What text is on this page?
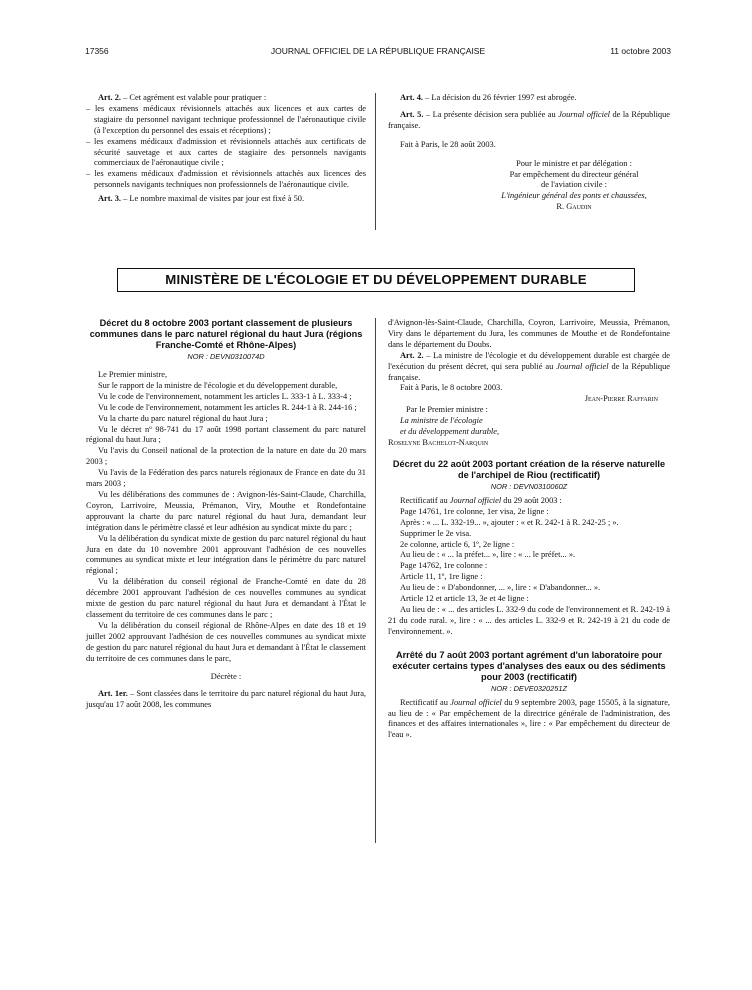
17356	JOURNAL OFFICIEL DE LA RÉPUBLIQUE FRANÇAISE	11 octobre 2003

Art. 2. – Cet agrément est valable pour pratiquer :

– les examens médicaux révisionnels attachés aux licences et aux cartes de stagiaire du personnel navigant technique professionnel de l'aéronautique civile (à l'exception du personnel des essais et réceptions) ;

– les examens médicaux d'admission et révisionnels attachés aux certificats de sécurité sauvetage et aux cartes de stagiaire des personnels navigants commerciaux de l'aéronautique civile ;

– les examens médicaux d'admission et révisionnels attachés aux licences des personnels navigants techniques non professionnels de l'aéronautique civile.

Art. 3. – Le nombre maximal de visites par jour est fixé à 50.

Art. 4. – La décision du 26 février 1997 est abrogée.

Art. 5. – La présente décision sera publiée au Journal officiel de la République française.

Fait à Paris, le 28 août 2003.

Pour le ministre et par délégation :
Par empêchement du directeur général
de l'aviation civile :
L'ingénieur général des ponts et chaussées,
R. Gaudin
MINISTÈRE DE L'ÉCOLOGIE ET DU DÉVELOPPEMENT DURABLE
Décret du 8 octobre 2003 portant classement de plusieurs communes dans le parc naturel régional du haut Jura (régions Franche-Comté et Rhône-Alpes)
NOR : DEVN0310074D

Le Premier ministre,

Sur le rapport de la ministre de l'écologie et du développement durable,

Vu le code de l'environnement, notamment les articles L. 333-1 à L. 333-4 ;

Vu le code de l'environnement, notamment les articles R. 244-1 à R. 244-16 ;

Vu la charte du parc naturel régional du haut Jura ;

Vu le décret nº 98-741 du 17 août 1998 portant classement du parc naturel régional du haut Jura ;

Vu l'avis du Conseil national de la protection de la nature en date du 20 mars 2003 ;

Vu l'avis de la Fédération des parcs naturels régionaux de France en date du 31 mars 2003 ;

Vu les délibérations des communes de : Avignon-lès-Saint-Claude, Charchilla, Coyron, Larrivoire, Meussia, Prémanon, Viry, Mouthe et Rondefontaine approuvant la charte du parc naturel régional du haut Jura, demandant leur intégration dans le périmètre classé et leur adhésion au syndicat mixte du parc ;

Vu la délibération du syndicat mixte de gestion du parc naturel régional du haut Jura en date du 10 novembre 2001 approuvant l'adhésion de ces nouvelles communes au syndicat mixte et leur intégration dans le périmètre du parc naturel régional ;

Vu la délibération du conseil régional de Franche-Comté en date du 28 décembre 2001 approuvant l'adhésion de ces nouvelles communes au syndicat mixte de gestion du parc naturel régional du haut Jura et demandant à l'État le classement du territoire de ces communes dans le parc ;

Vu la délibération du conseil régional de Rhône-Alpes en date des 18 et 19 juillet 2002 approuvant l'adhésion de ces nouvelles communes au syndicat mixte de gestion du parc naturel régional du haut Jura et demandant à l'État le classement du territoire de ces communes dans le parc,

Décrète :

Art. 1er. – Sont classées dans le territoire du parc naturel régional du haut Jura, jusqu'au 17 août 2008, les communes

d'Avignon-lès-Saint-Claude, Charchilla, Coyron, Larrivoire, Meussia, Prémanon, Viry dans le département du Jura, les communes de Mouthe et de Rondefontaine dans le département du Doubs.

Art. 2. – La ministre de l'écologie et du développement durable est chargée de l'exécution du présent décret, qui sera publié au Journal officiel de la République française.

Fait à Paris, le 8 octobre 2003.

Jean-Pierre Raffarin

Par le Premier ministre :
La ministre de l'écologie
et du développement durable,
Roselyne Bachelot-Narquin
Décret du 22 août 2003 portant création de la réserve naturelle de l'archipel de Riou (rectificatif)
NOR : DEVN0310060Z

Rectificatif au Journal officiel du 29 août 2003 :

Page 14761, 1re colonne, 1er visa, 2e ligne :

Après : « ... L. 332-19... », ajouter : « et R. 242-1 à R. 242-25 ; ».

Supprimer le 2e visa.

2e colonne, article 6, 1º, 2e ligne :

Au lieu de : « ... la préfet... », lire : « ... le préfet... ».

Page 14762, 1re colonne :

Article 11, 1º, 1re ligne :

Au lieu de : « D'abondonner, ... », lire : « D'abandonner... ».

Article 12 et article 13, 3e et 4e ligne :

Au lieu de : « ... des articles L. 332-9 du code de l'environnement et R. 242-19 à 21 du code rural. », lire : « ... des articles L. 332-9 et R. 242-19 à 21 du code de l'environnement. ».

Arrêté du 7 août 2003 portant agrément d'un laboratoire pour exécuter certains types d'analyses des eaux ou des sédiments pour 2003 (rectificatif)
NOR : DEVE0320251Z

Rectificatif au Journal officiel du 9 septembre 2003, page 15505, à la signature, au lieu de : « Par empêchement de la directrice générale de l'administration, des finances et des affaires internationales », lire : « Par empêchement du directeur de l'eau ».
